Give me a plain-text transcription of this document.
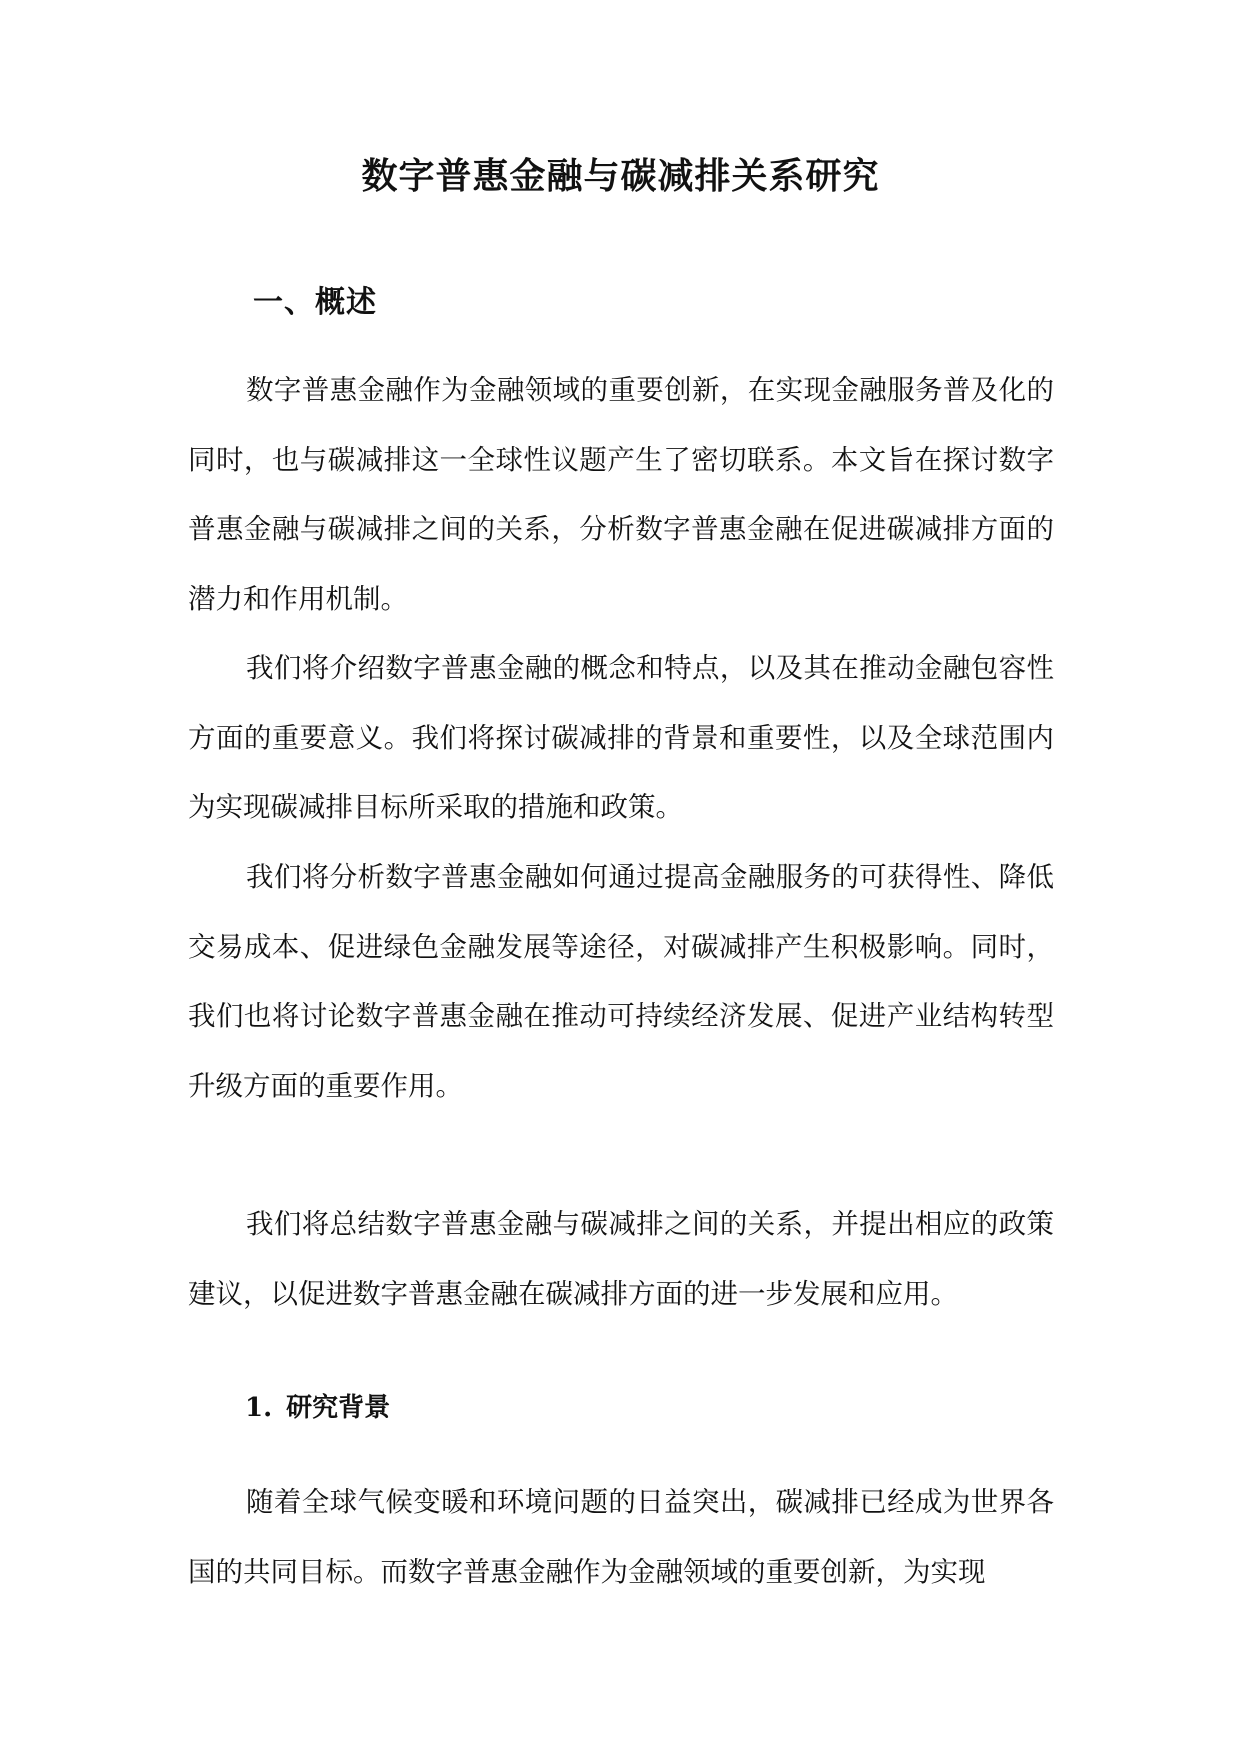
数字普惠金融与碳减排关系研究
一、概述

数字普惠金融作为金融领域的重要创新，在实现金融服务普及化的同时，也与碳减排这一全球性议题产生了密切联系。本文旨在探讨数字普惠金融与碳减排之间的关系，分析数字普惠金融在促进碳减排方面的潜力和作用机制。

我们将介绍数字普惠金融的概念和特点，以及其在推动金融包容性方面的重要意义。我们将探讨碳减排的背景和重要性，以及全球范围内为实现碳减排目标所采取的措施和政策。

我们将分析数字普惠金融如何通过提高金融服务的可获得性、降低交易成本、促进绿色金融发展等途径，对碳减排产生积极影响。同时，我们也将讨论数字普惠金融在推动可持续经济发展、促进产业结构转型升级方面的重要作用。

我们将总结数字普惠金融与碳减排之间的关系，并提出相应的政策建议，以促进数字普惠金融在碳减排方面的进一步发展和应用。

1. 研究背景

随着全球气候变暖和环境问题的日益突出，碳减排已经成为世界各国的共同目标。而数字普惠金融作为金融领域的重要创新，为实现
